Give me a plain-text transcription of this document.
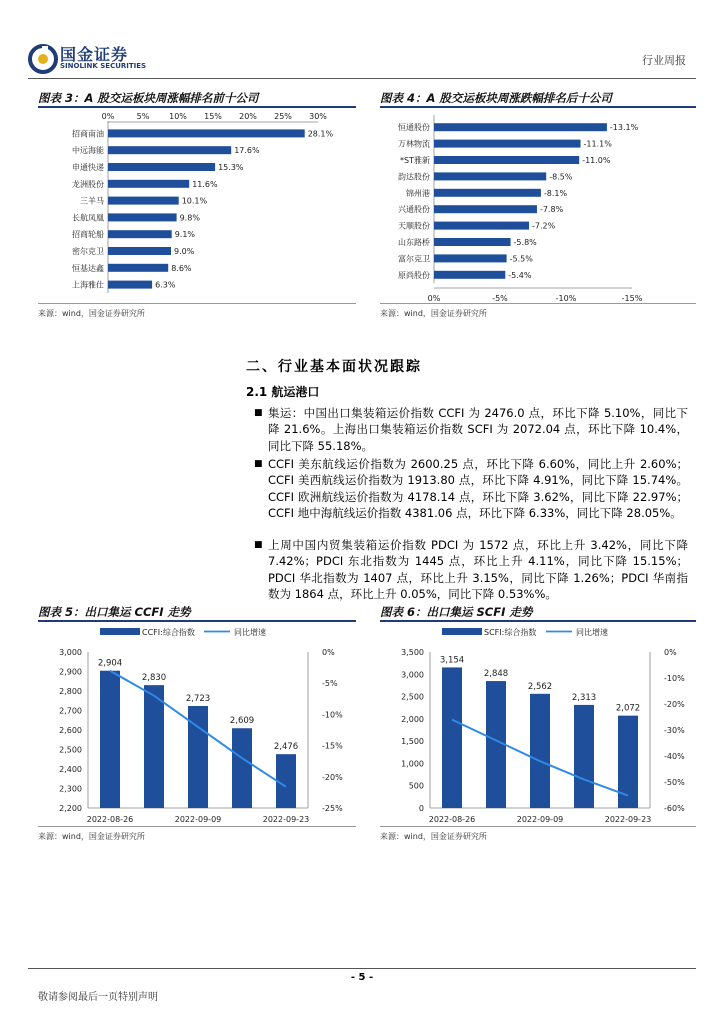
国金证券
SINOLINK SECURITIES	行业周报
图表 3：A 股交运板块周涨幅排名前十公司
0%	5% 10% 15% 20% 25% 30%
招商南油	28.1%
中远海能	17.6%
申通快递	15.3%
龙洲股份	11.6%
三羊马	10.1%
长航凤凰	9.8%
招商轮船	9.1%
密尔克卫	9.0%
恒基达鑫	8.6%
上海雅仕	6.3%
来源：wind，国金证券研究所
图表 4：A 股交运板块周涨跌幅排名后十公司
0%	-5%	-10%	-15%
恒通股份	-13.1%
万林物流	-11.1%
*ST雅新	-11.0%
韵达股份	-8.5%
锦州港	-8.1%
兴通股份	-7.8%
天顺股份	-7.2%
山东路桥	-5.8%
富尔克卫	-5.5%
原尚股份	-5.4%
来源：wind，国金证券研究所
二、行业基本面状况跟踪
2.1 航运港口
■ 集运：中国出口集装箱运价指数 CCFI 为 2476.0 点，环比下降 5.10%，同比下降 21.6%。上海出口集装箱运价指数 SCFI 为 2072.04 点，环比下降 10.4%，同比下降 55.18%。
■ CCFI 美东航线运价指数为 2600.25 点，环比下降 6.60%，同比上升 2.60%；CCFI 美西航线运价指数为 1913.80 点，环比下降 4.91%，同比下降 15.74%。CCFI 欧洲航线运价指数为 4178.14 点，环比下降 3.62%，同比下降 22.97%；CCFI 地中海航线运价指数 4381.06 点，环比下降 6.33%，同比下降 28.05%。
■ 上周中国内贸集装箱运价指数 PDCI 为 1572 点，环比上升 3.42%，同比下降 7.42%；PDCI 东北指数为 1445 点，环比上升 4.11%，同比下降 15.15%；PDCI 华北指数为 1407 点，环比上升 3.15%，同比下降 1.26%；PDCI 华南指数为 1864 点，环比上升 0.05%，同比下降 0.53%%。
图表 5：出口集运 CCFI 走势
CCFI:综合指数	同比增速
2,200
2,300
2,400
2,500
2,600
2,700
2,800
2,900
3,000	0%
-5%
-10%
-15%
-20%
-25%
2,904
2,830
2,723
2,609
2,476
2022-08-26	2022-09-09	2022-09-23
来源：wind，国金证券研究所
图表 6：出口集运 SCFI 走势
SCFI:综合指数	同比增速
0
500
1,000
1,500
2,000
2,500
3,000
3,500	0%
-10%
-20%
-30%
-40%
-50%
-60%
3,154
2,848
2,562
2,313
2,072
2022-08-26	2022-09-09	2022-09-23
来源：wind，国金证券研究所
- 5 -
敬请参阅最后一页特别声明
